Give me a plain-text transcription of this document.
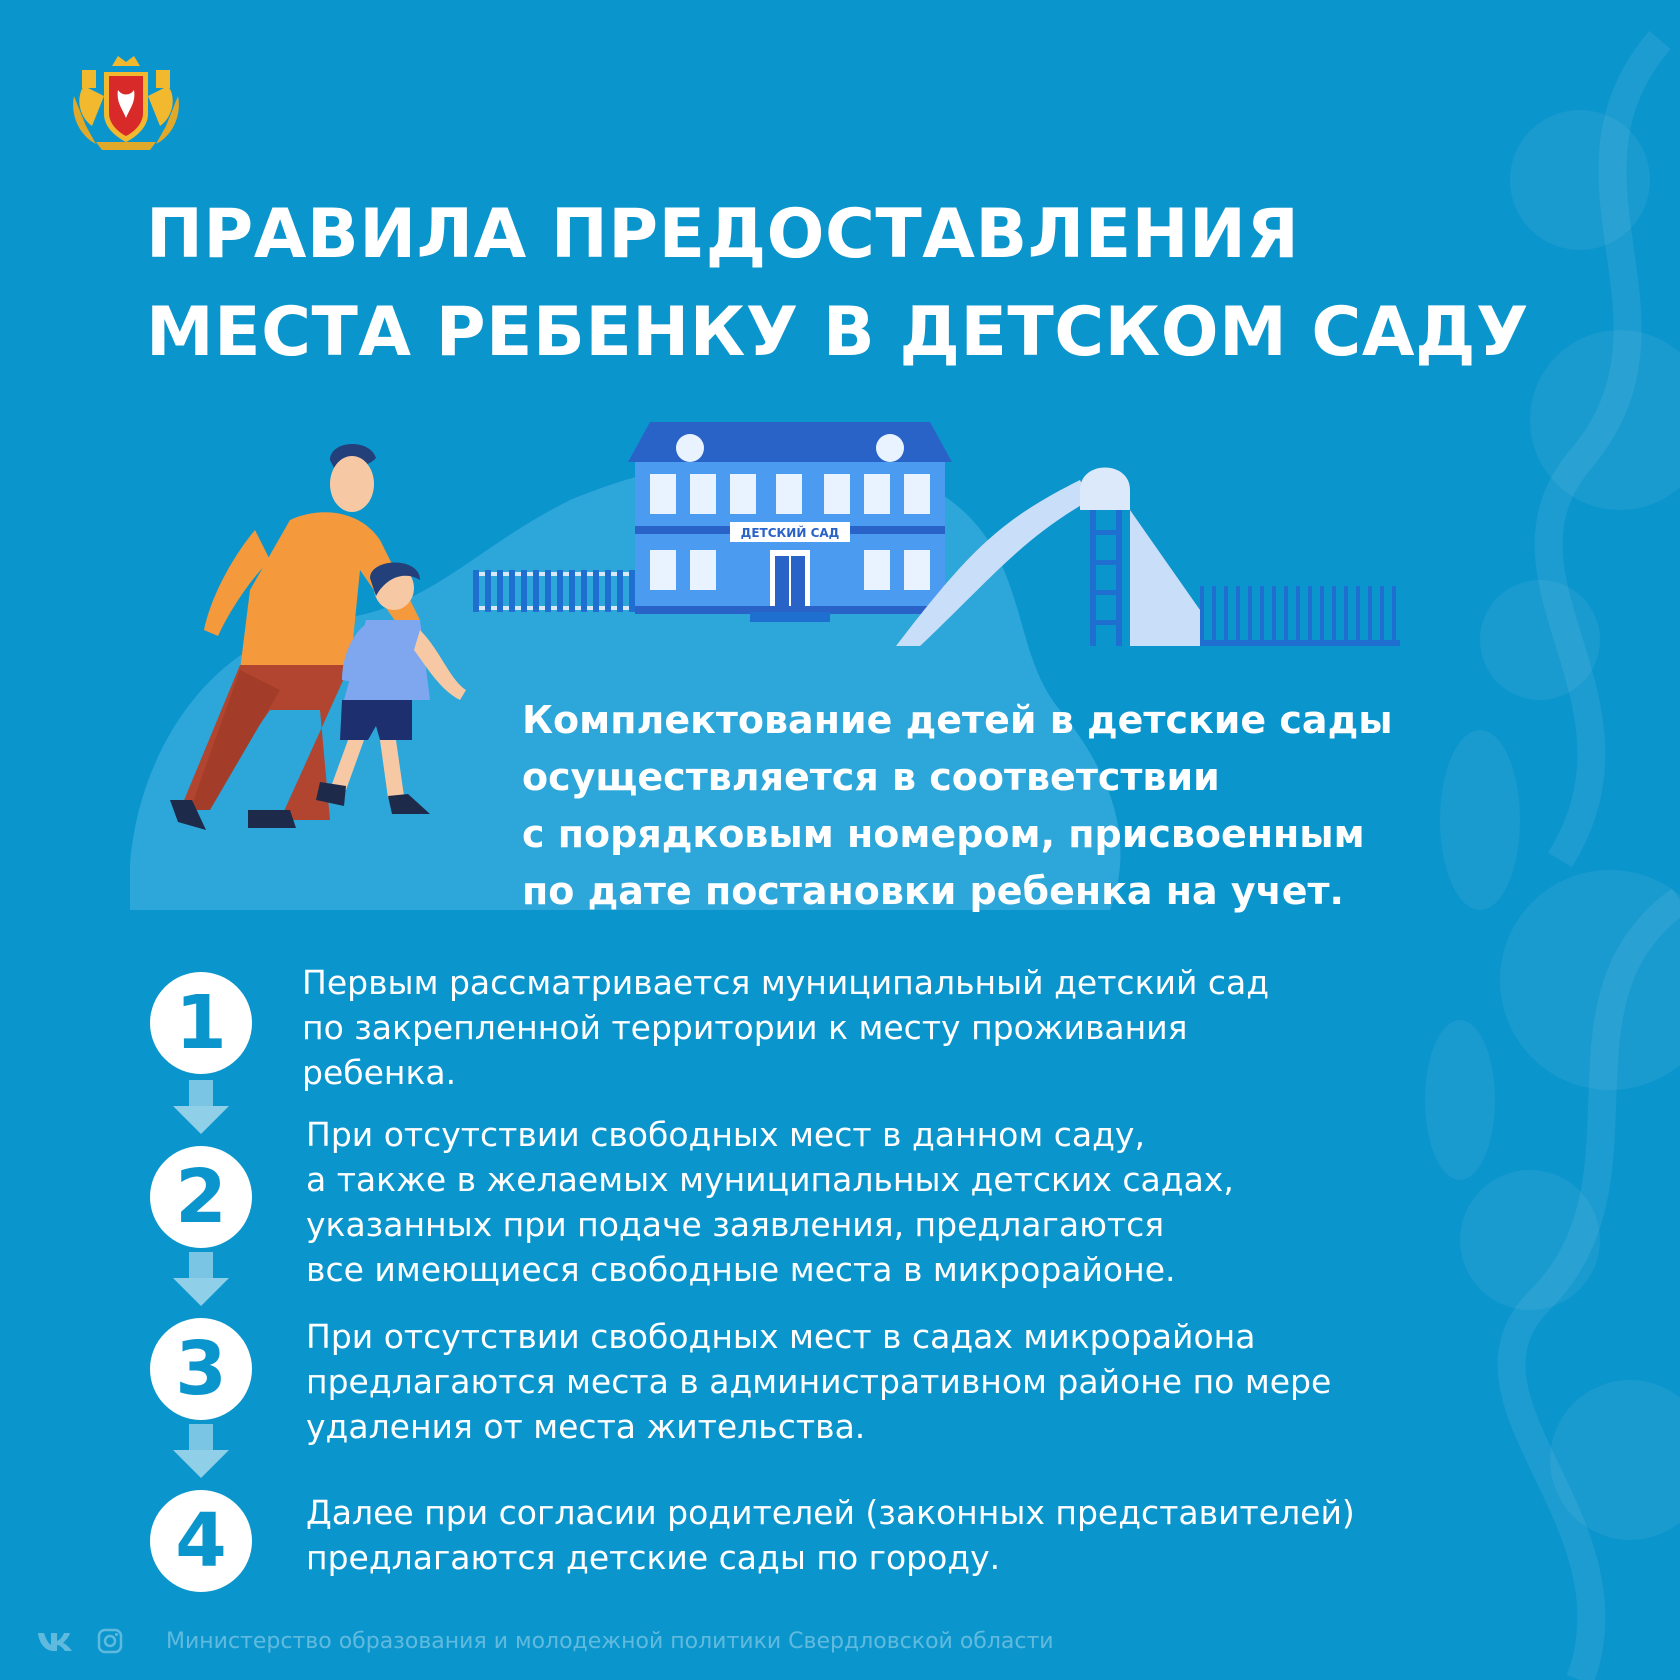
ПРАВИЛА ПРЕДОСТАВЛЕНИЯ
МЕСТА РЕБЕНКУ В ДЕТСКОМ САДУ
ДЕТСКИЙ САД

Комплектование детей в детские сады
осуществляется в соответствии
с порядковым номером, присвоенным
по дате постановки ребенка на учет.

1	Первым рассматривается муниципальный детский сад
по закрепленной территории к месту проживания
ребенка.

2

При отсутствии свободных мест в данном саду,
а также в желаемых муниципальных детских садах,
указанных при подаче заявления, предлагаются
все имеющиеся свободные места в микрорайоне.

3	При отсутствии свободных мест в садах микрорайона
предлагаются места в административном районе по мере
удаления от места жительства.

4	Далее при согласии родителей (законных представителей)
предлагаются детские сады по городу.

Министерство образования и молодежной политики Свердловской области
